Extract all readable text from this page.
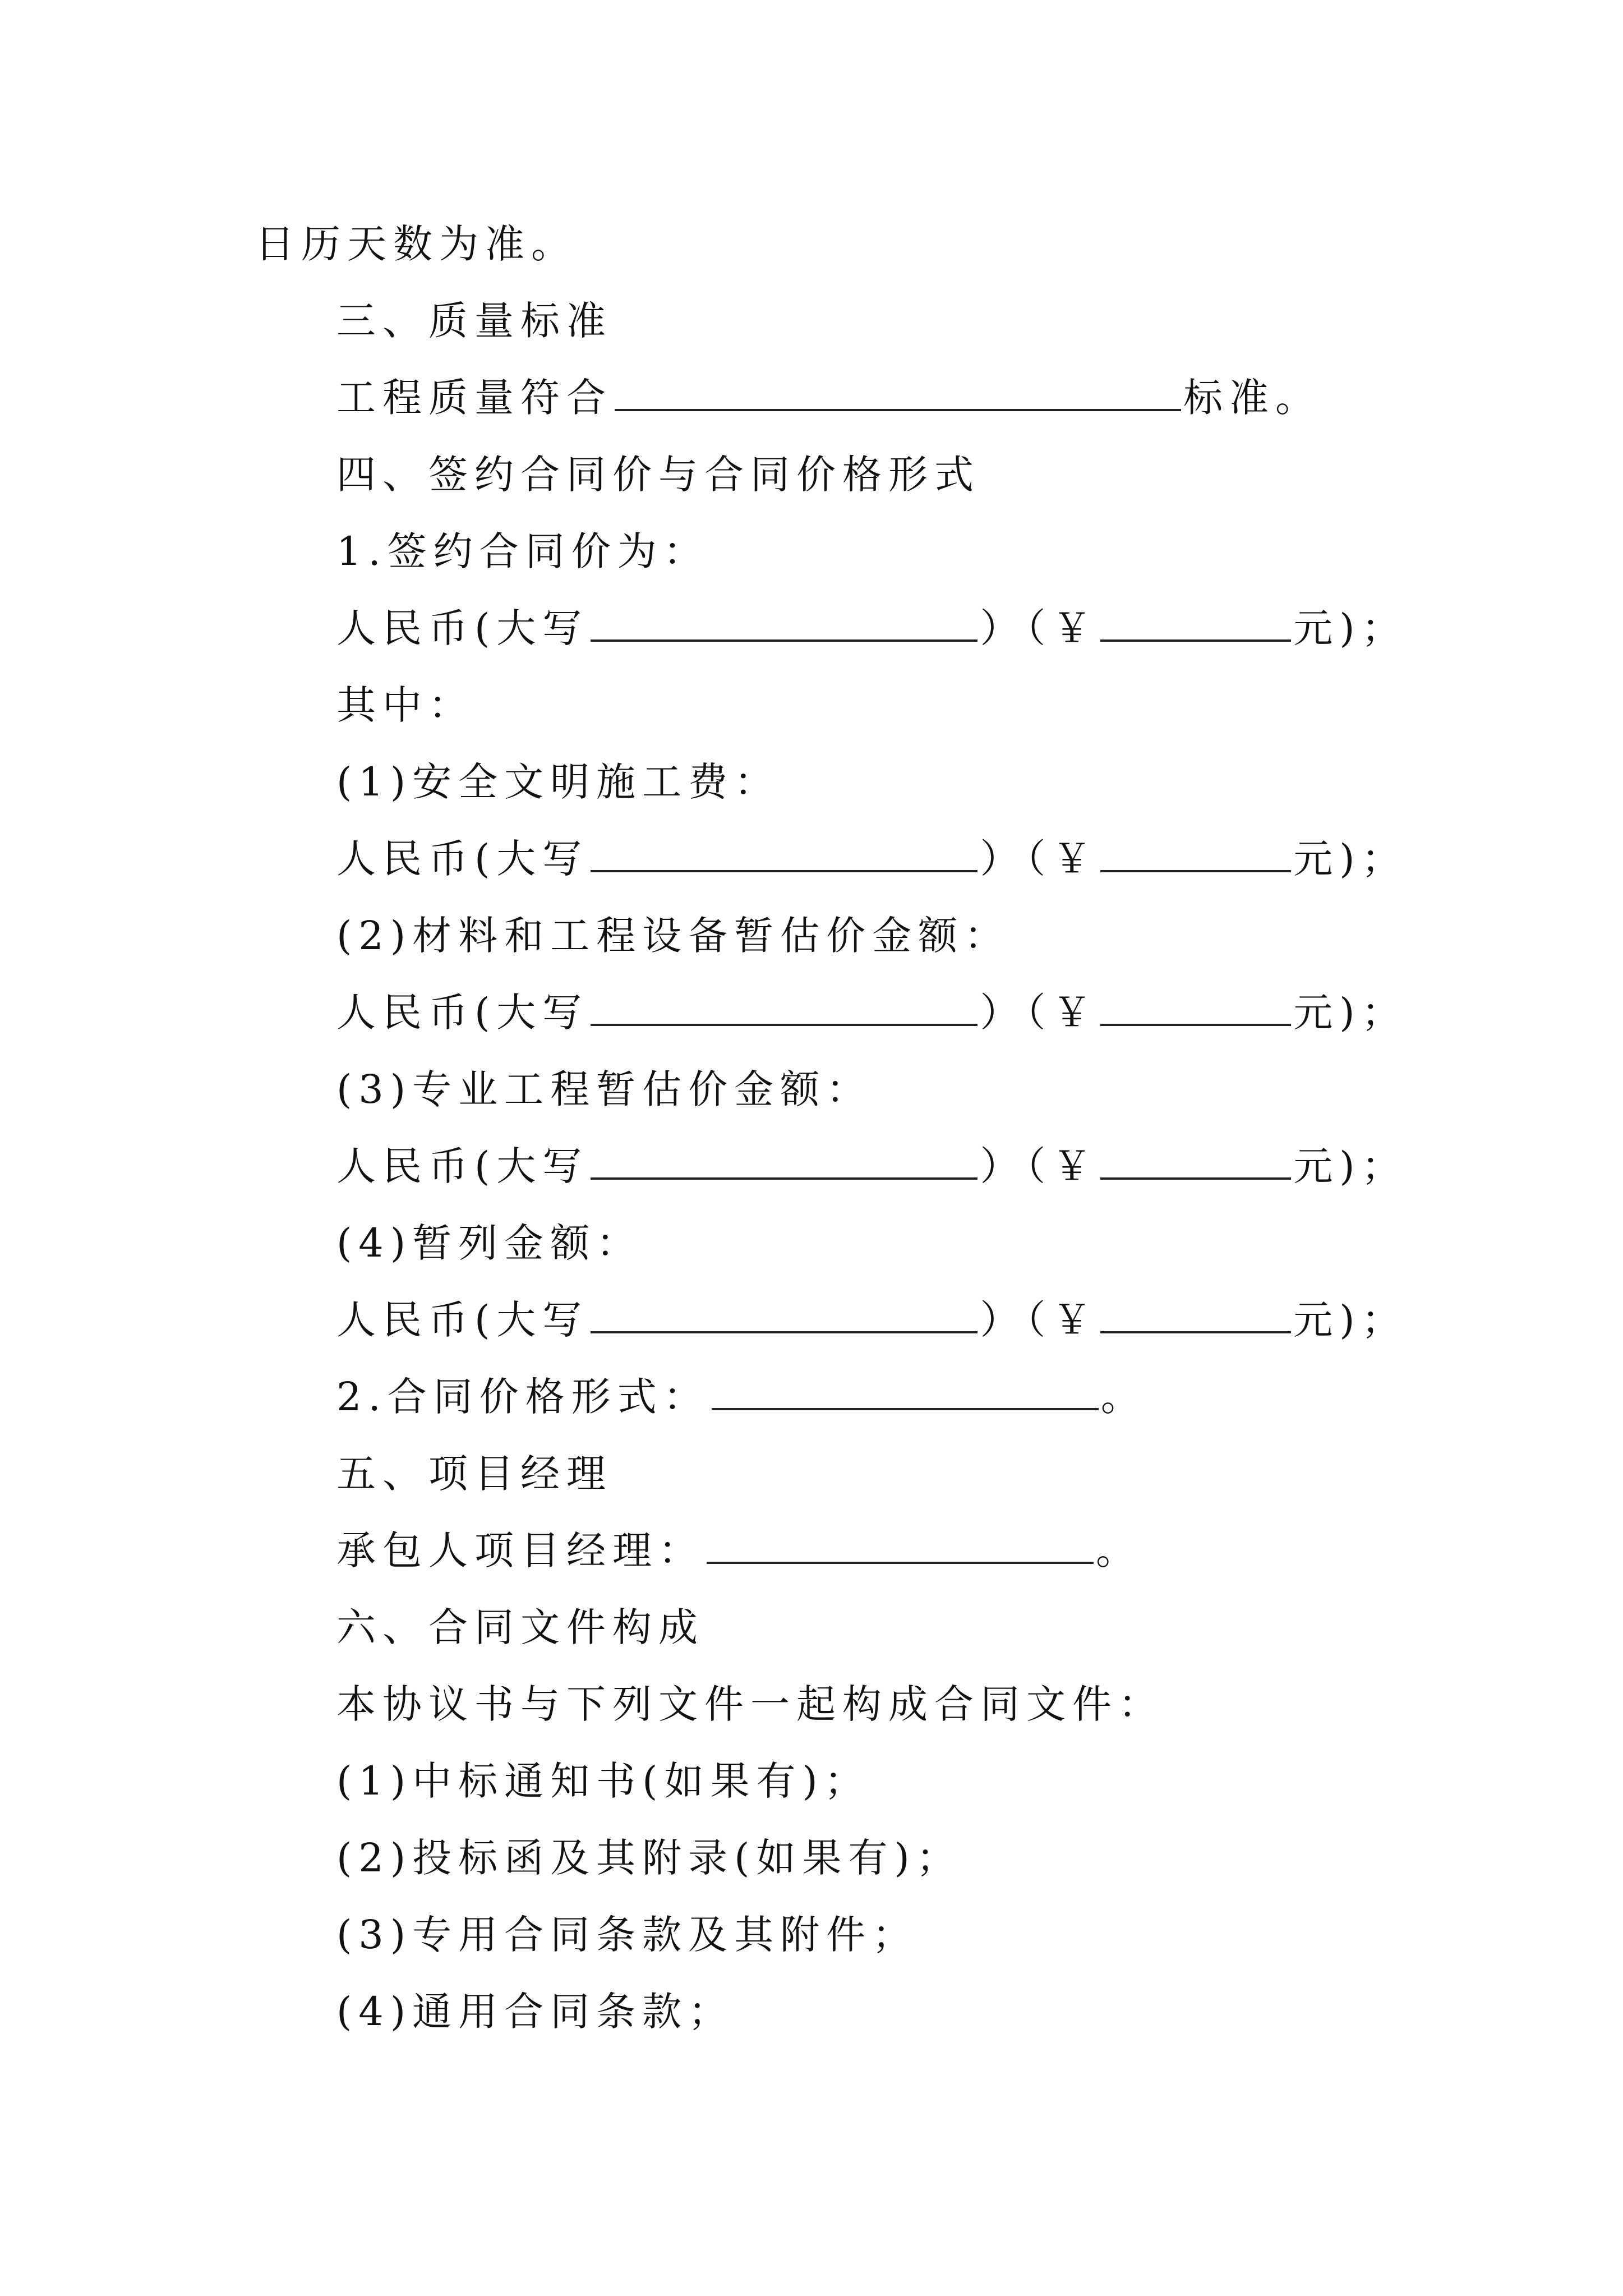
日历天数为准。
三、质量标准
工程质量符合	标准。
四、签约合同价与合同价格形式
1.签约合同价为：
人民币(大写	）（￥	元)；
其中：
(1)安全文明施工费：
人民币(大写	）（￥	元)；
(2)材料和工程设备暂估价金额：
人民币(大写	）（￥	元)；
(3)专业工程暂估价金额：
人民币(大写	）（￥	元)；
(4)暂列金额：
人民币(大写	）（￥	元)；
2.合同价格形式：	。
五、项目经理
承包人项目经理：	。
六、合同文件构成
本协议书与下列文件一起构成合同文件：
(1)中标通知书(如果有)；
(2)投标函及其附录(如果有)；
(3)专用合同条款及其附件；
(4)通用合同条款；
